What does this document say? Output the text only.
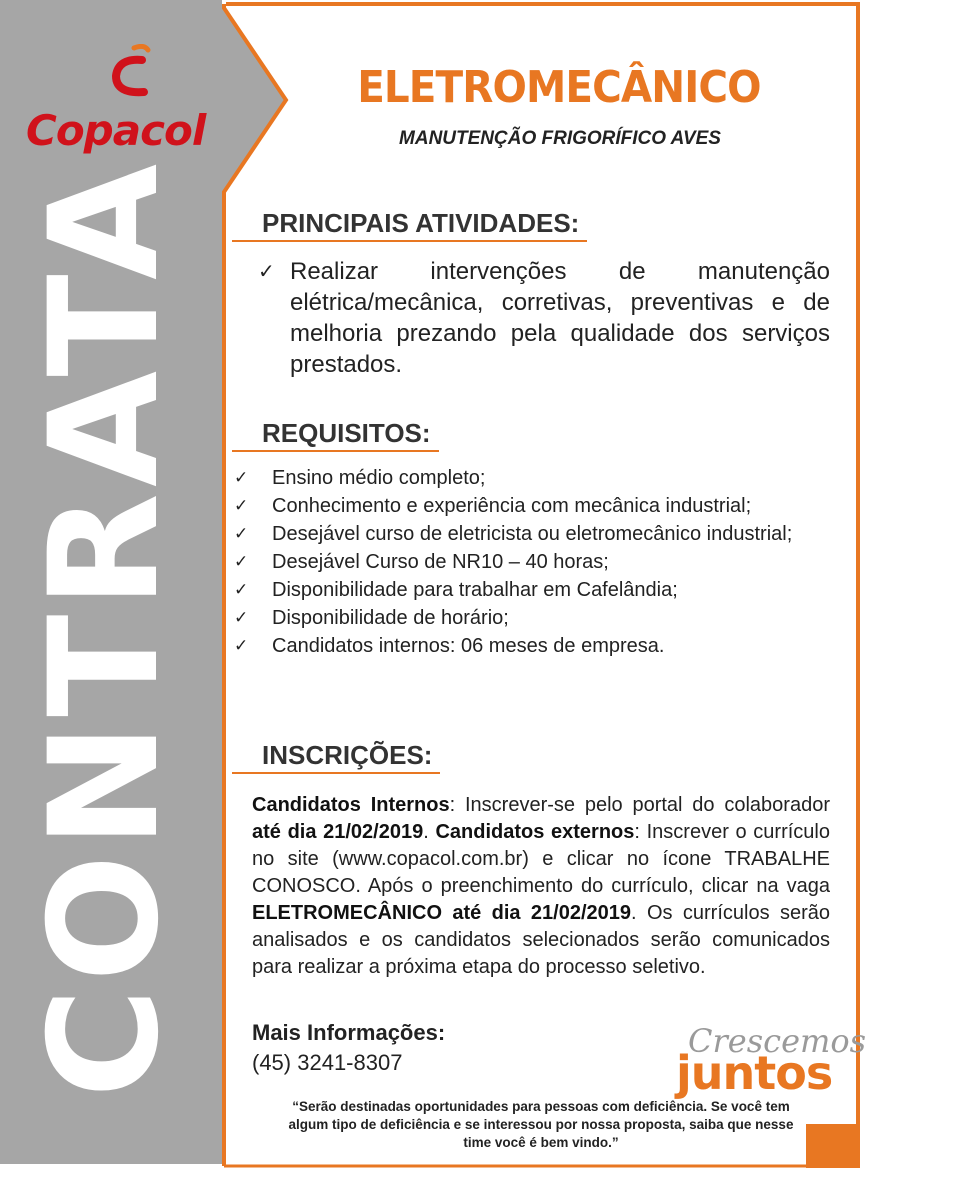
Copacol
CONTRATA
ELETROMECÂNICO
MANUTENÇÃO FRIGORÍFICO AVES
PRINCIPAIS ATIVIDADES:
✓ Realizar intervenções de manutenção elétrica/mecânica, corretivas, preventivas e de melhoria prezando pela qualidade dos serviços prestados.
REQUISITOS:
✓	Ensino médio completo;
✓	Conhecimento e experiência com mecânica industrial;
✓	Desejável curso de eletricista ou eletromecânico industrial;
✓	Desejável Curso de NR10 – 40 horas;
✓	Disponibilidade para trabalhar em Cafelândia;
✓	Disponibilidade de horário;
✓	Candidatos internos: 06 meses de empresa.
INSCRIÇÕES:
Candidatos Internos: Inscrever-se pelo portal do colaborador até dia 21/02/2019. Candidatos externos: Inscrever o currículo no site (www.copacol.com.br) e clicar no ícone TRABALHE CONOSCO. Após o preenchimento do currículo, clicar na vaga ELETROMECÂNICO até dia 21/02/2019. Os currículos serão analisados e os candidatos selecionados serão comunicados para realizar a próxima etapa do processo seletivo.
Mais Informações:
(45) 3241-8307
Crescemos
juntos
“Serão destinadas oportunidades para pessoas com deficiência. Se você tem algum tipo de deficiência e se interessou por nossa proposta, saiba que nesse time você é bem vindo.”
